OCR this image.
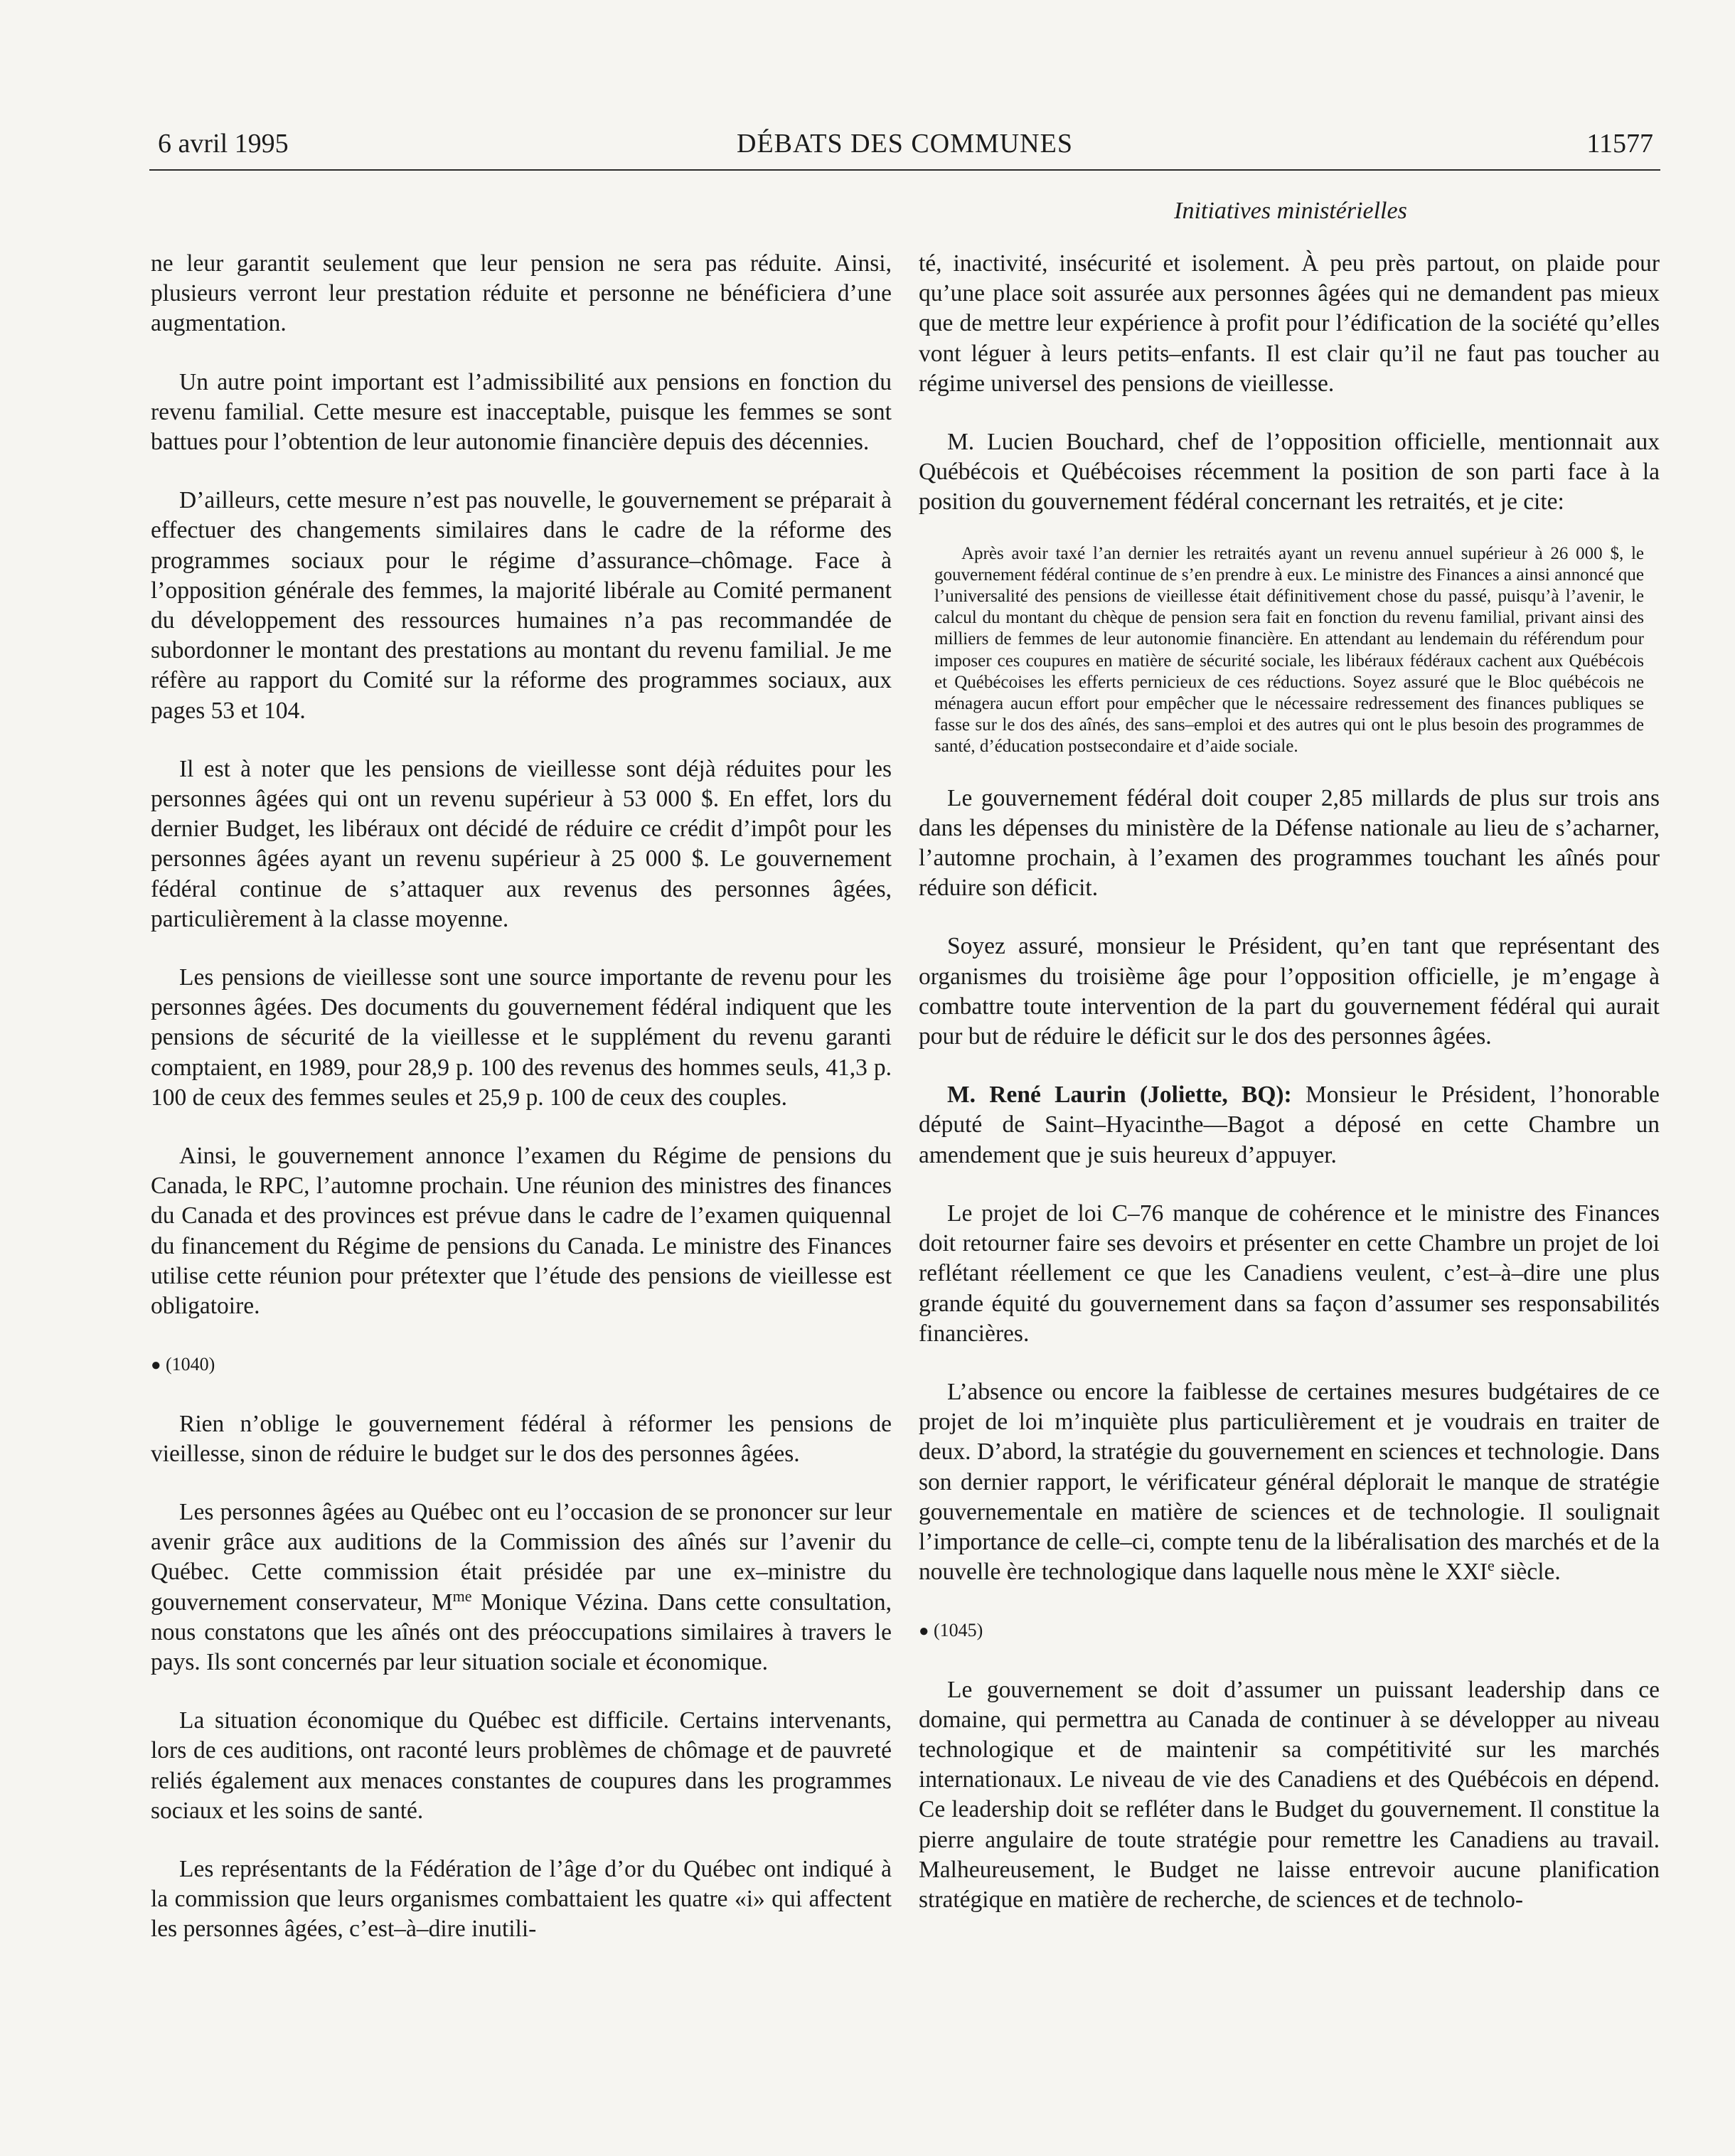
6 avril 1995	DÉBATS DES COMMUNES	11577
Initiatives ministérielles

ne leur garantit seulement que leur pension ne sera pas réduite. Ainsi, plusieurs verront leur prestation réduite et personne ne bénéficiera d’une augmentation.

Un autre point important est l’admissibilité aux pensions en fonction du revenu familial. Cette mesure est inacceptable, puisque les femmes se sont battues pour l’obtention de leur autonomie financière depuis des décennies.

D’ailleurs, cette mesure n’est pas nouvelle, le gouvernement se préparait à effectuer des changements similaires dans le cadre de la réforme des programmes sociaux pour le régime d’assurance–chômage. Face à l’opposition générale des femmes, la majorité libérale au Comité permanent du développement des ressources humaines n’a pas recommandée de subordonner le montant des prestations au montant du revenu familial. Je me réfère au rapport du Comité sur la réforme des programmes sociaux, aux pages 53 et 104.

Il est à noter que les pensions de vieillesse sont déjà réduites pour les personnes âgées qui ont un revenu supérieur à 53 000 $. En effet, lors du dernier Budget, les libéraux ont décidé de réduire ce crédit d’impôt pour les personnes âgées ayant un revenu supérieur à 25 000 $. Le gouvernement fédéral continue de s’attaquer aux revenus des personnes âgées, particulièrement à la classe moyenne.

Les pensions de vieillesse sont une source importante de revenu pour les personnes âgées. Des documents du gouvernement fédéral indiquent que les pensions de sécurité de la vieillesse et le supplément du revenu garanti comptaient, en 1989, pour 28,9 p. 100 des revenus des hommes seuls, 41,3 p. 100 de ceux des femmes seules et 25,9 p. 100 de ceux des couples.

Ainsi, le gouvernement annonce l’examen du Régime de pensions du Canada, le RPC, l’automne prochain. Une réunion des ministres des finances du Canada et des provinces est prévue dans le cadre de l’examen quiquennal du financement du Régime de pensions du Canada. Le ministre des Finances utilise cette réunion pour prétexter que l’étude des pensions de vieillesse est obligatoire.

● (1040)

Rien n’oblige le gouvernement fédéral à réformer les pensions de vieillesse, sinon de réduire le budget sur le dos des personnes âgées.

Les personnes âgées au Québec ont eu l’occasion de se prononcer sur leur avenir grâce aux auditions de la Commission des aînés sur l’avenir du Québec. Cette commission était présidée par une ex–ministre du gouvernement conservateur, $M^{me}$ Monique Vézina. Dans cette consultation, nous constatons que les aînés ont des préoccupations similaires à travers le pays. Ils sont concernés par leur situation sociale et économique.

La situation économique du Québec est difficile. Certains intervenants, lors de ces auditions, ont raconté leurs problèmes de chômage et de pauvreté reliés également aux menaces constantes de coupures dans les programmes sociaux et les soins de santé.

Les représentants de la Fédération de l’âge d’or du Québec ont indiqué à la commission que leurs organismes combattaient les quatre «i» qui affectent les personnes âgées, c’est–à–dire inutili-

té, inactivité, insécurité et isolement. À peu près partout, on plaide pour qu’une place soit assurée aux personnes âgées qui ne demandent pas mieux que de mettre leur expérience à profit pour l’édification de la société qu’elles vont léguer à leurs petits–enfants. Il est clair qu’il ne faut pas toucher au régime universel des pensions de vieillesse.

M. Lucien Bouchard, chef de l’opposition officielle, mentionnait aux Québécois et Québécoises récemment la position de son parti face à la position du gouvernement fédéral concernant les retraités, et je cite:

Après avoir taxé l’an dernier les retraités ayant un revenu annuel supérieur à 26 000 $, le gouvernement fédéral continue de s’en prendre à eux. Le ministre des Finances a ainsi annoncé que l’universalité des pensions de vieillesse était définitivement chose du passé, puisqu’à l’avenir, le calcul du montant du chèque de pension sera fait en fonction du revenu familial, privant ainsi des milliers de femmes de leur autonomie financière. En attendant au lendemain du référendum pour imposer ces coupures en matière de sécurité sociale, les libéraux fédéraux cachent aux Québécois et Québécoises les efferts pernicieux de ces réductions. Soyez assuré que le Bloc québécois ne ménagera aucun effort pour empêcher que le nécessaire redressement des finances publiques se fasse sur le dos des aînés, des sans–emploi et des autres qui ont le plus besoin des programmes de santé, d’éducation postsecondaire et d’aide sociale.

Le gouvernement fédéral doit couper 2,85 millards de plus sur trois ans dans les dépenses du ministère de la Défense nationale au lieu de s’acharner, l’automne prochain, à l’examen des programmes touchant les aînés pour réduire son déficit.

Soyez assuré, monsieur le Président, qu’en tant que représentant des organismes du troisième âge pour l’opposition officielle, je m’engage à combattre toute intervention de la part du gouvernement fédéral qui aurait pour but de réduire le déficit sur le dos des personnes âgées.

M. René Laurin (Joliette, BQ): Monsieur le Président, l’honorable député de Saint–Hyacinthe—Bagot a déposé en cette Chambre un amendement que je suis heureux d’appuyer.

Le projet de loi C–76 manque de cohérence et le ministre des Finances doit retourner faire ses devoirs et présenter en cette Chambre un projet de loi reflétant réellement ce que les Canadiens veulent, c’est–à–dire une plus grande équité du gouvernement dans sa façon d’assumer ses responsabilités financières.

L’absence ou encore la faiblesse de certaines mesures budgétaires de ce projet de loi m’inquiète plus particulièrement et je voudrais en traiter de deux. D’abord, la stratégie du gouvernement en sciences et technologie. Dans son dernier rapport, le vérificateur général déplorait le manque de stratégie gouvernementale en matière de sciences et de technologie. Il soulignait l’importance de celle–ci, compte tenu de la libéralisation des marchés et de la nouvelle ère technologique dans laquelle nous mène le XXIe siècle.

● (1045)

Le gouvernement se doit d’assumer un puissant leadership dans ce domaine, qui permettra au Canada de continuer à se développer au niveau technologique et de maintenir sa compétitivité sur les marchés internationaux. Le niveau de vie des Canadiens et des Québécois en dépend. Ce leadership doit se refléter dans le Budget du gouvernement. Il constitue la pierre angulaire de toute stratégie pour remettre les Canadiens au travail. Malheureusement, le Budget ne laisse entrevoir aucune planification stratégique en matière de recherche, de sciences et de technolo-
